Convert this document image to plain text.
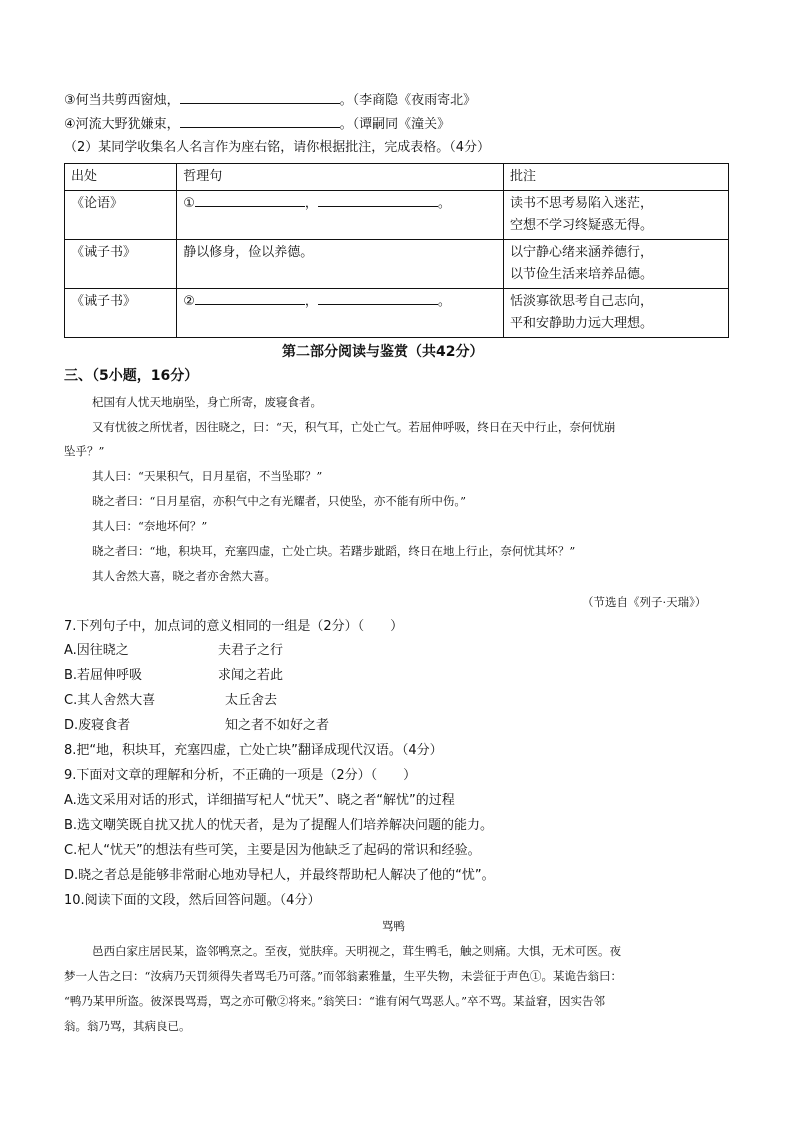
③何当共剪西窗烛，	。（李商隐《夜雨寄北》
④河流大野犹嫌束，	。（谭嗣同《潼关》
（2）某同学收集名人名言作为座右铭，请你根据批注，完成表格。（4分）
出处	哲理句	批注
《论语》	① ， 。	读书不思考易陷入迷茫，
空想不学习终疑惑无得。

《诫子书》	静以修身，俭以养德。	以宁静心绪来涵养德行，
以节俭生活来培养品德。

《诫子书》	② ， 。	恬淡寡欲思考自己志向，
平和安静助力远大理想。
第二部分阅读与鉴赏（共42分）
三、（5小题，16分）
杞国有人忧天地崩坠，身亡所寄，废寝食者。
又有忧彼之所忧者，因往晓之，曰：“天，积气耳，亡处亡气。若屈伸呼吸，终日在天中行止，奈何忧崩
坠乎？”
其人曰：“天果积气，日月星宿，不当坠耶？”
晓之者曰：“日月星宿，亦积气中之有光耀者，只使坠，亦不能有所中伤。”
其人曰：“奈地坏何？”
晓之者曰：“地，积块耳，充塞四虚，亡处亡块。若躇步跐蹈，终日在地上行止，奈何忧其坏？”
其人舍然大喜，晓之者亦舍然大喜。
（节选自《列子·天瑞》）
7.下列句子中，加点词的意义相同的一组是（2分）（　　）
A.因往晓之	夫君子之行
B.若屈伸呼吸	求闻之若此
C.其人舍然大喜	太丘舍去
D.废寝食者	知之者不如好之者
8.把“地，积块耳，充塞四虚，亡处亡块”翻译成现代汉语。（4分）
9.下面对文章的理解和分析，不正确的一项是（2分）（　　）
A.选文采用对话的形式，详细描写杞人“忧天”、晓之者“解忧”的过程
B.选文嘲笑既自扰又扰人的忧天者，是为了提醒人们培养解决问题的能力。
C.杞人“忧天”的想法有些可笑，主要是因为他缺乏了起码的常识和经验。
D.晓之者总是能够非常耐心地劝导杞人，并最终帮助杞人解决了他的“忧”。
10.阅读下面的文段，然后回答问题。（4分）
骂鸭
邑西白家庄居民某，盗邻鸭烹之。至夜，觉肤痒。天明视之，茸生鸭毛，触之则痛。大惧，无术可医。夜
梦一人告之曰：“汝病乃天罚须得失者骂毛乃可落。”而邻翁素雅量，生平失物，未尝征于声色①。某诡告翁曰：
“鸭乃某甲所盗。彼深畏骂焉，骂之亦可儆②将来。”翁笑曰：“谁有闲气骂恶人。”卒不骂。某益窘，因实告邻
翁。翁乃骂，其病良已。
